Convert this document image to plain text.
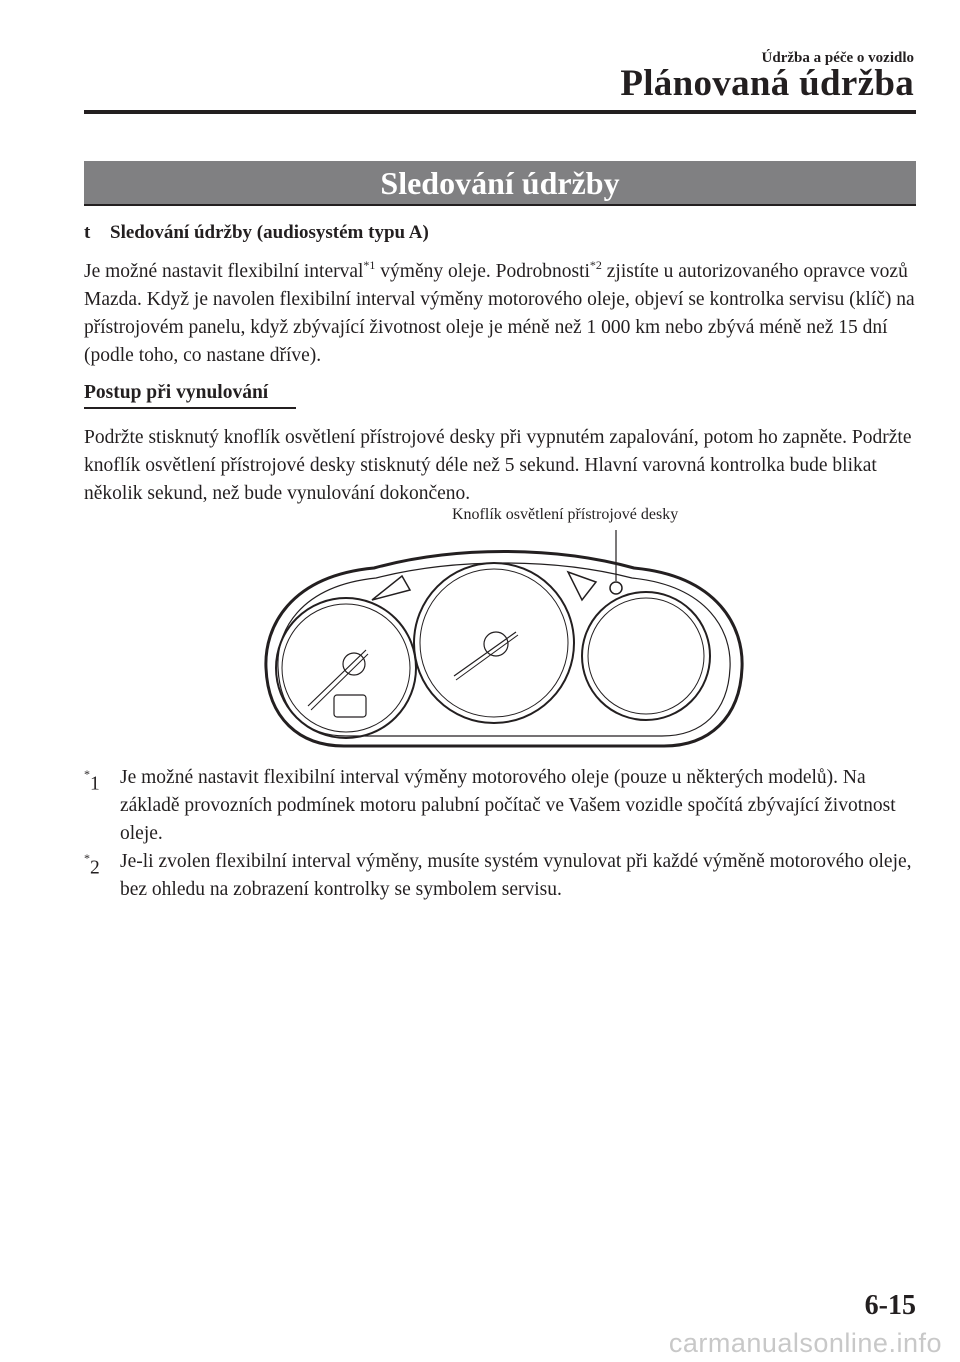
Údržba a péče o vozidlo
Plánovaná údržba
Sledování údržby
t Sledování údržby (audiosystém typu A)
Je možné nastavit flexibilní interval$^{*1}$ výměny oleje. Podrobnosti$^{*2}$ zjistíte u autorizovaného opravce vozů Mazda. Když je navolen flexibilní interval výměny motorového oleje, objeví se kontrolka servisu (klíč) na přístrojovém panelu, když zbývající životnost oleje je méně než 1 000 km nebo zbývá méně než 15 dní (podle toho, co nastane dříve).
Postup při vynulování
Podržte stisknutý knoflík osvětlení přístrojové desky při vypnutém zapalování, potom ho zapněte. Podržte knoflík osvětlení přístrojové desky stisknutý déle než 5 sekund. Hlavní varovná kontrolka bude blikat několik sekund, než bude vynulování dokončeno.
Knoflík osvětlení přístrojové desky
*1 Je možné nastavit flexibilní interval výměny motorového oleje (pouze u některých modelů). Na základě provozních podmínek motoru palubní počítač ve Vašem vozidle spočítá zbývající životnost oleje.
*2 Je-li zvolen flexibilní interval výměny, musíte systém vynulovat při každé výměně motorového oleje, bez ohledu na zobrazení kontrolky se symbolem servisu.
6-15
carmanualsonline.info
